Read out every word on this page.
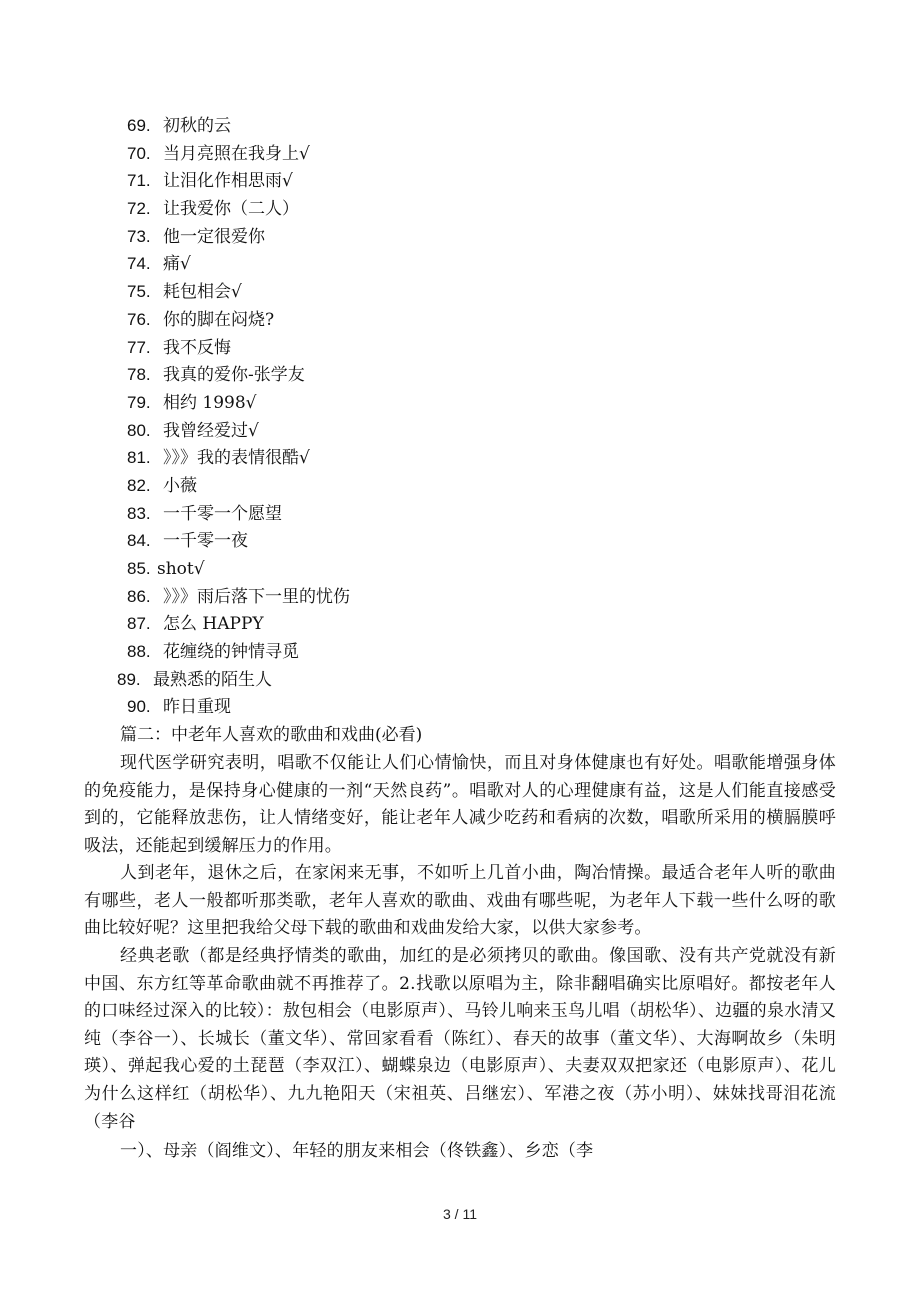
69. 初秋的云
70. 当月亮照在我身上√
71. 让泪化作相思雨√
72. 让我爱你（二人）
73. 他一定很爱你
74. 痛√
75. 耗包相会√
76. 你的脚在闷烧?
77. 我不反悔
78. 我真的爱你-张学友
79. 相约 1998√
80. 我曾经爱过√
81. 》》》我的表情很酷√
82. 小薇
83. 一千零一个愿望
84. 一千零一夜
85. shot√
86. 》》》雨后落下一里的忧伤
87. 怎么 HAPPY
88. 花缠绕的钟情寻觅
89. 最熟悉的陌生人
90. 昨日重现
篇二：中老年人喜欢的歌曲和戏曲(必看)

现代医学研究表明，唱歌不仅能让人们心情愉快，而且对身体健康也有好处。唱歌能增强身体的免疫能力，是保持身心健康的一剂“天然良药”。唱歌对人的心理健康有益，这是人们能直接感受到的，它能释放悲伤，让人情绪变好，能让老年人减少吃药和看病的次数，唱歌所采用的横膈膜呼吸法，还能起到缓解压力的作用。

人到老年，退休之后，在家闲来无事，不如听上几首小曲，陶冶情操。最适合老年人听的歌曲有哪些，老人一般都听那类歌，老年人喜欢的歌曲、戏曲有哪些呢，为老年人下载一些什么呀的歌曲比较好呢？这里把我给父母下载的歌曲和戏曲发给大家，以供大家参考。

经典老歌（都是经典抒情类的歌曲，加红的是必须拷贝的歌曲。像国歌、没有共产党就没有新中国、东方红等革命歌曲就不再推荐了。2.找歌以原唱为主，除非翻唱确实比原唱好。都按老年人的口味经过深入的比较）：敖包相会（电影原声）、马铃儿响来玉鸟儿唱（胡松华）、边疆的泉水清又纯（李谷一）、长城长（董文华）、常回家看看（陈红）、春天的故事（董文华）、大海啊故乡（朱明瑛）、弹起我心爱的土琵琶（李双江）、蝴蝶泉边（电影原声）、夫妻双双把家还（电影原声）、花儿为什么这样红（胡松华）、九九艳阳天（宋祖英、吕继宏）、军港之夜（苏小明）、妹妹找哥泪花流（李谷

一）、母亲（阎维文）、年轻的朋友来相会（佟铁鑫）、乡恋（李

3 / 11
